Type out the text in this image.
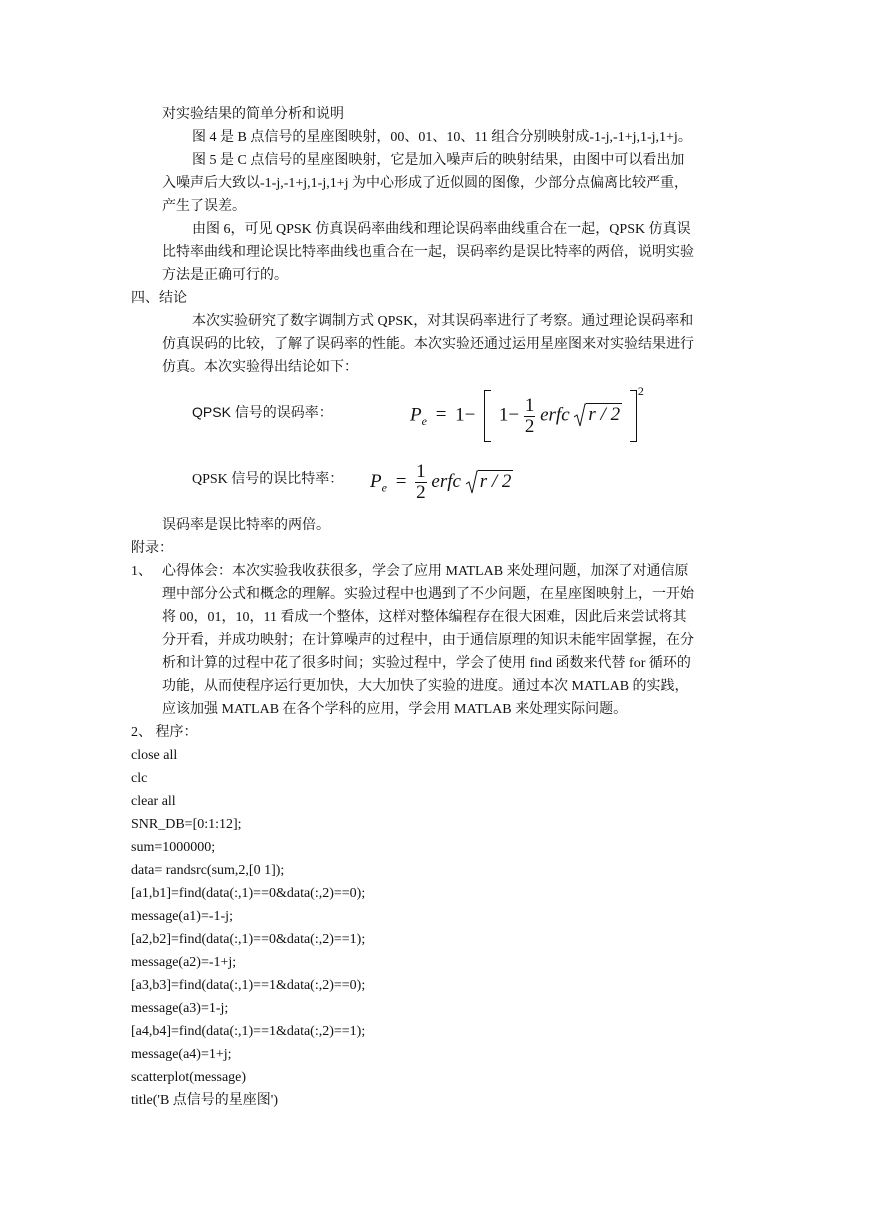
对实验结果的简单分析和说明
图 4 是 B 点信号的星座图映射，00、01、10、11 组合分别映射成-1-j,-1+j,1-j,1+j。
图 5 是 C 点信号的星座图映射，它是加入噪声后的映射结果，由图中可以看出加
入噪声后大致以-1-j,-1+j,1-j,1+j 为中心形成了近似圆的图像，少部分点偏离比较严重，
产生了误差。
由图 6，可见 QPSK 仿真误码率曲线和理论误码率曲线重合在一起，QPSK 仿真误
比特率曲线和理论误比特率曲线也重合在一起，误码率约是误比特率的两倍，说明实验
方法是正确可行的。
四、结论
本次实验研究了数字调制方式 QPSK，对其误码率进行了考察。通过理论误码率和
仿真误码的比较，了解了误码率的性能。本次实验还通过运用星座图来对实验结果进行
仿真。本次实验得出结论如下：
QPSK 信号的误码率：	$P_e = 1- 1- \frac{1}{2}$ erfc r / 2 $^2$
QPSK 信号的误比特率： $P_e = \frac{1}{2}$ erfc r / 2
误码率是误比特率的两倍。
附录：
1、 心得体会：本次实验我收获很多，学会了应用 MATLAB 来处理问题，加深了对通信原
理中部分公式和概念的理解。实验过程中也遇到了不少问题，在星座图映射上，一开始
将 00，01，10，11 看成一个整体，这样对整体编程存在很大困难，因此后来尝试将其
分开看，并成功映射；在计算噪声的过程中，由于通信原理的知识未能牢固掌握，在分
析和计算的过程中花了很多时间；实验过程中，学会了使用 find 函数来代替 for 循环的
功能，从而使程序运行更加快，大大加快了实验的进度。通过本次 MATLAB 的实践，
应该加强 MATLAB 在各个学科的应用，学会用 MATLAB 来处理实际问题。
2、 程序：
close all
clc
clear all
SNR_DB=[0:1:12];
sum=1000000;
data= randsrc(sum,2,[0 1]);
[a1,b1]=find(data(:,1)==0&data(:,2)==0);
message(a1)=-1-j;
[a2,b2]=find(data(:,1)==0&data(:,2)==1);
message(a2)=-1+j;
[a3,b3]=find(data(:,1)==1&data(:,2)==0);
message(a3)=1-j;
[a4,b4]=find(data(:,1)==1&data(:,2)==1);
message(a4)=1+j;
scatterplot(message)
title('B 点信号的星座图')
